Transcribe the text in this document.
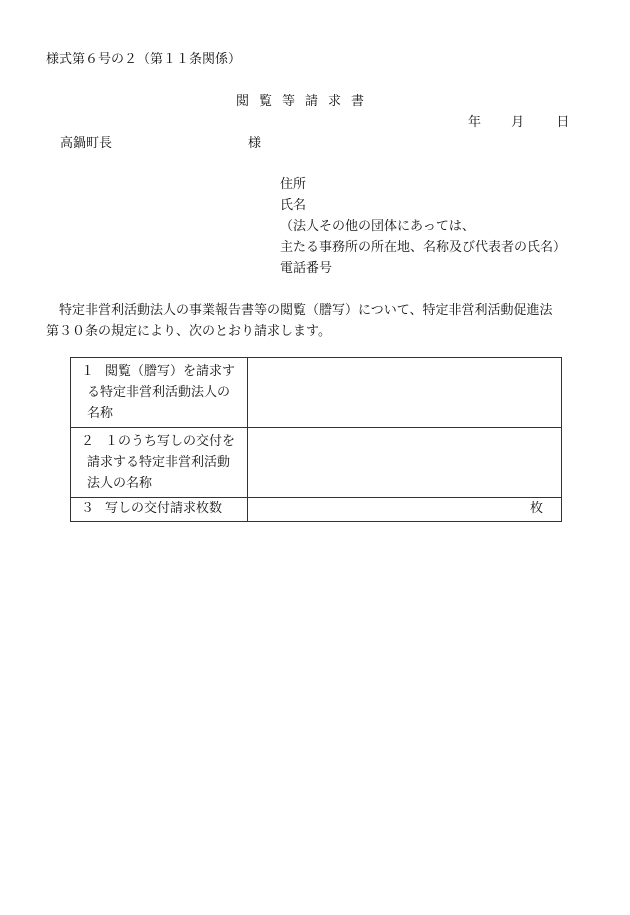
様式第６号の２（第１１条関係）
閲覧等請求書
年 月 日
高鍋町長	様
住所
氏名
（法人その他の団体にあっては、
主たる事務所の所在地、名称及び代表者の氏名）
電話番号
特定非営利活動法人の事業報告書等の閲覧（謄写）について、特定非営利活動促進法
第３０条の規定により、次のとおり請求します。
１ 閲覧（謄写）を請求す
る特定非営利活動法人の
名称	

２ １のうち写しの交付を
請求する特定非営利活動
法人の名称	

３ 写しの交付請求枚数	枚
